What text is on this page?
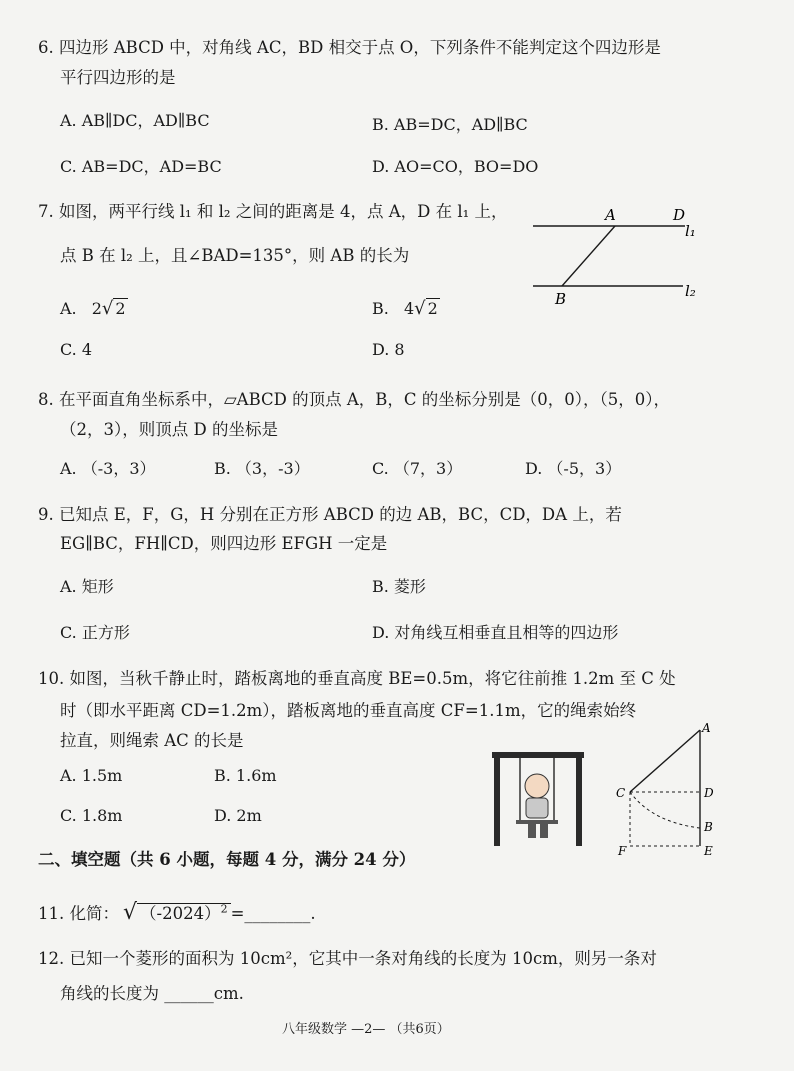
6. 四边形 ABCD 中，对角线 AC，BD 相交于点 O，下列条件不能判定这个四边形是
平行四边形的是
A. AB∥DC，AD∥BC	B. AB=DC，AD∥BC
C. AB=DC，AD=BC	D. AO=CO，BO=DO
7. 如图，两平行线 l₁ 和 l₂ 之间的距离是 4，点 A，D 在 l₁ 上，
点 B 在 l₂ 上，且∠BAD=135°，则 AB 的长为
A. 2√ 2	B. 4√ 2
C. 4	D. 8
A	D
B
l₁
l₂
8. 在平面直角坐标系中，▱ABCD 的顶点 A，B，C 的坐标分别是（0，0），（5，0），
（2，3），则顶点 D 的坐标是
A. （-3，3）	B. （3，-3）	C. （7，3）	D. （-5，3）
9. 已知点 E，F，G，H 分别在正方形 ABCD 的边 AB，BC，CD，DA 上，若
EG∥BC，FH∥CD，则四边形 EFGH 一定是
A. 矩形	B. 菱形
C. 正方形	D. 对角线互相垂直且相等的四边形
10. 如图，当秋千静止时，踏板离地的垂直高度 BE=0.5m，将它往前推 1.2m 至 C 处
时（即水平距离 CD=1.2m），踏板离地的垂直高度 CF=1.1m，它的绳索始终
拉直，则绳索 AC 的长是
A. 1.5m	B. 1.6m
C. 1.8m	D. 2m
A
C	D
B
F	E
二、填空题（共 6 小题，每题 4 分，满分 24 分）
11. 化简： √ $(-2024)^2$ =________.
12. 已知一个菱形的面积为 10cm²，它其中一条对角线的长度为 10cm，则另一条对
角线的长度为 ______cm.
八年级数学 —2— （共6页）
